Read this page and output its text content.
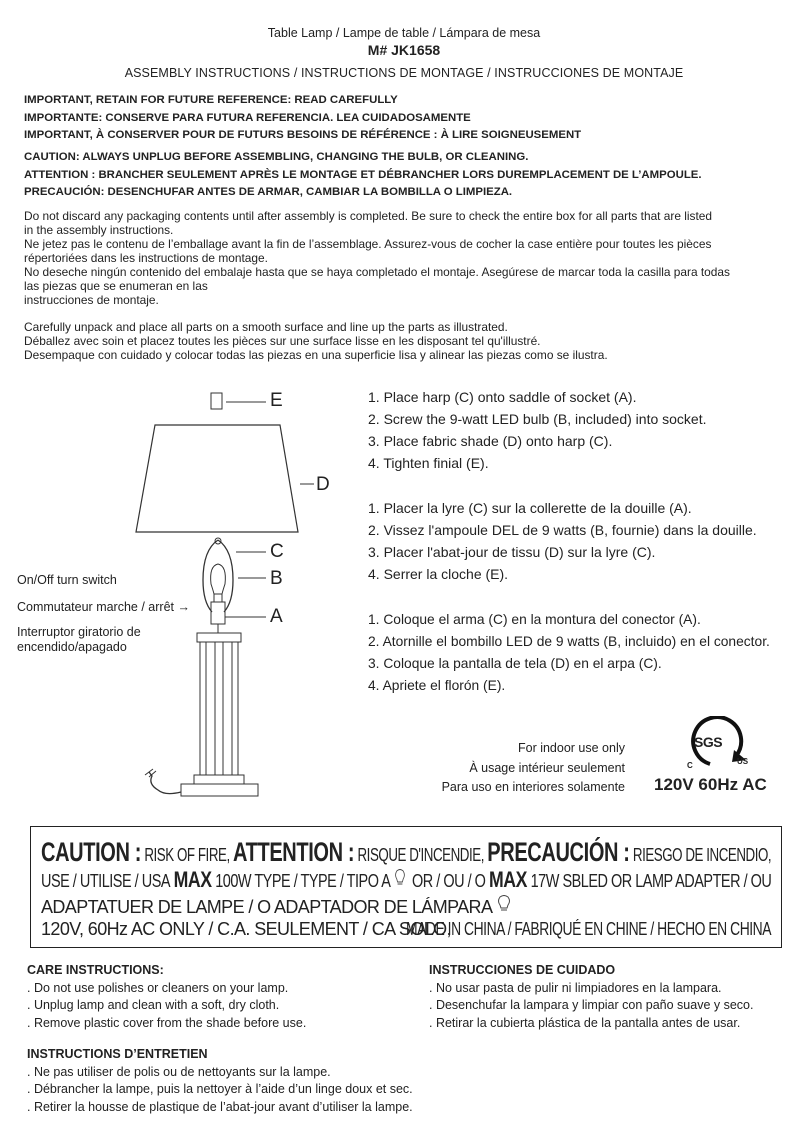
Table Lamp / Lampe de table / Lámpara de mesa
M# JK1658
ASSEMBLY INSTRUCTIONS / INSTRUCTIONS DE MONTAGE / INSTRUCCIONES DE MONTAJE
IMPORTANT, RETAIN FOR FUTURE REFERENCE: READ CAREFULLY
IMPORTANTE: CONSERVE PARA FUTURA REFERENCIA. LEA CUIDADOSAMENTE
IMPORTANT, À CONSERVER POUR DE FUTURS BESOINS DE RÉFÉRENCE : À LIRE SOIGNEUSEMENT
CAUTION: ALWAYS UNPLUG BEFORE ASSEMBLING, CHANGING THE BULB, OR CLEANING.
ATTENTION : BRANCHER SEULEMENT APRÈS LE MONTAGE ET DÉBRANCHER LORS DUREMPLACEMENT DE L’AMPOULE.
PRECAUCIÓN: DESENCHUFAR ANTES DE ARMAR, CAMBIAR LA BOMBILLA O LIMPIEZA.
Do not discard any packaging contents until after assembly is completed. Be sure to check the entire box for all parts that are listed
in the assembly instructions.
Ne jetez pas le contenu de l’emballage avant la fin de l’assemblage. Assurez-vous de cocher la case entière pour toutes les pièces
répertoriées dans les instructions de montage.
No deseche ningún contenido del embalaje hasta que se haya completado el montaje. Asegúrese de marcar toda la casilla para todas
las piezas que se enumeran en las
instrucciones de montaje.
Carefully unpack and place all parts on a smooth surface and line up the parts as illustrated.
Déballez avec soin et placez toutes les pièces sur une surface lisse en les disposant tel qu'illustré.
Desempaque con cuidado y colocar todas las piezas en una superficie lisa y alinear las piezas como se ilustra.
E
D
C
B
A
On/Off turn switch
Commutateur marche / arrêt →
Interruptor giratorio de
encendido/apagado
1. Place harp (C) onto saddle of socket (A).
2. Screw the 9-watt LED bulb (B, included) into socket.
3. Place fabric shade (D) onto harp (C).
4. Tighten finial (E).
1. Placer la lyre (C) sur la collerette de la douille (A).
2. Vissez l'ampoule DEL de 9 watts (B, fournie) dans la douille.
3. Placer l'abat-jour de tissu (D) sur la lyre (C).
4. Serrer la cloche (E).
1. Coloque el arma (C) en la montura del conector (A).
2. Atornille el bombillo LED de 9 watts (B, incluido) en el conector.
3. Coloque la pantalla de tela (D) en el arpa (C).
4. Apriete el florón (E).
For indoor use only
À usage intérieur seulement
Para uso en interiores solamente
SGS
C	US
120V 60Hz AC
CAUTION : RISK OF FIRE, ATTENTION : RISQUE D'INCENDIE, PRECAUCIÓN : RIESGO DE INCENDIO,
USE / UTILISE / USA MAX 100W TYPE / TYPE / TIPO A OR / OU / O MAX 17W SBLED OR LAMP ADAPTER / OU
ADAPTATUER DE LAMPE / O ADAPTADOR DE LÁMPARA
120V, 60Hz AC ONLY / C.A. SEULEMENT / CA SOLO,
MADE IN CHINA / FABRIQUÉ EN CHINE / HECHO EN CHINA
CARE INSTRUCTIONS:
. Do not use polishes or cleaners on your lamp.
. Unplug lamp and clean with a soft, dry cloth.
. Remove plastic cover from the shade before use.
INSTRUCCIONES DE CUIDADO
. No usar pasta de pulir ni limpiadores en la lampara.
. Desenchufar la lampara y limpiar con paño suave y seco.
. Retirar la cubierta plástica de la pantalla antes de usar.
INSTRUCTIONS D’ENTRETIEN
. Ne pas utiliser de polis ou de nettoyants sur la lampe.
. Débrancher la lampe, puis la nettoyer à l’aide d’un linge doux et sec.
. Retirer la housse de plastique de l’abat-jour avant d’utiliser la lampe.
